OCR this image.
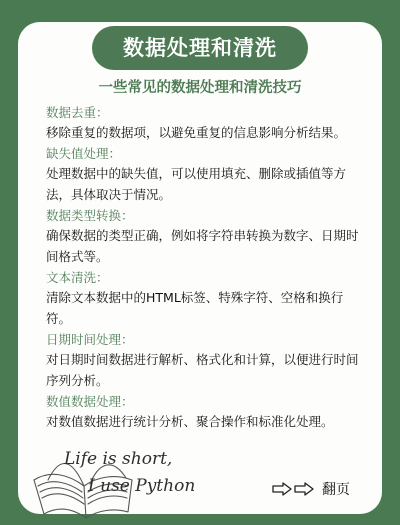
数据处理和清洗
一些常见的数据处理和清洗技巧

数据去重：

移除重复的数据项，以避免重复的信息影响分析结果。

缺失值处理：

处理数据中的缺失值，可以使用填充、删除或插值等方法，具体取决于情况。

数据类型转换：

确保数据的类型正确，例如将字符串转换为数字、日期时间格式等。

文本清洗：

清除文本数据中的HTML标签、特殊字符、空格和换行符。

日期时间处理：

对日期时间数据进行解析、格式化和计算，以便进行时间序列分析。

数值数据处理：

对数值数据进行统计分析、聚合操作和标准化处理。

Life is short,
I use Python	翻页
